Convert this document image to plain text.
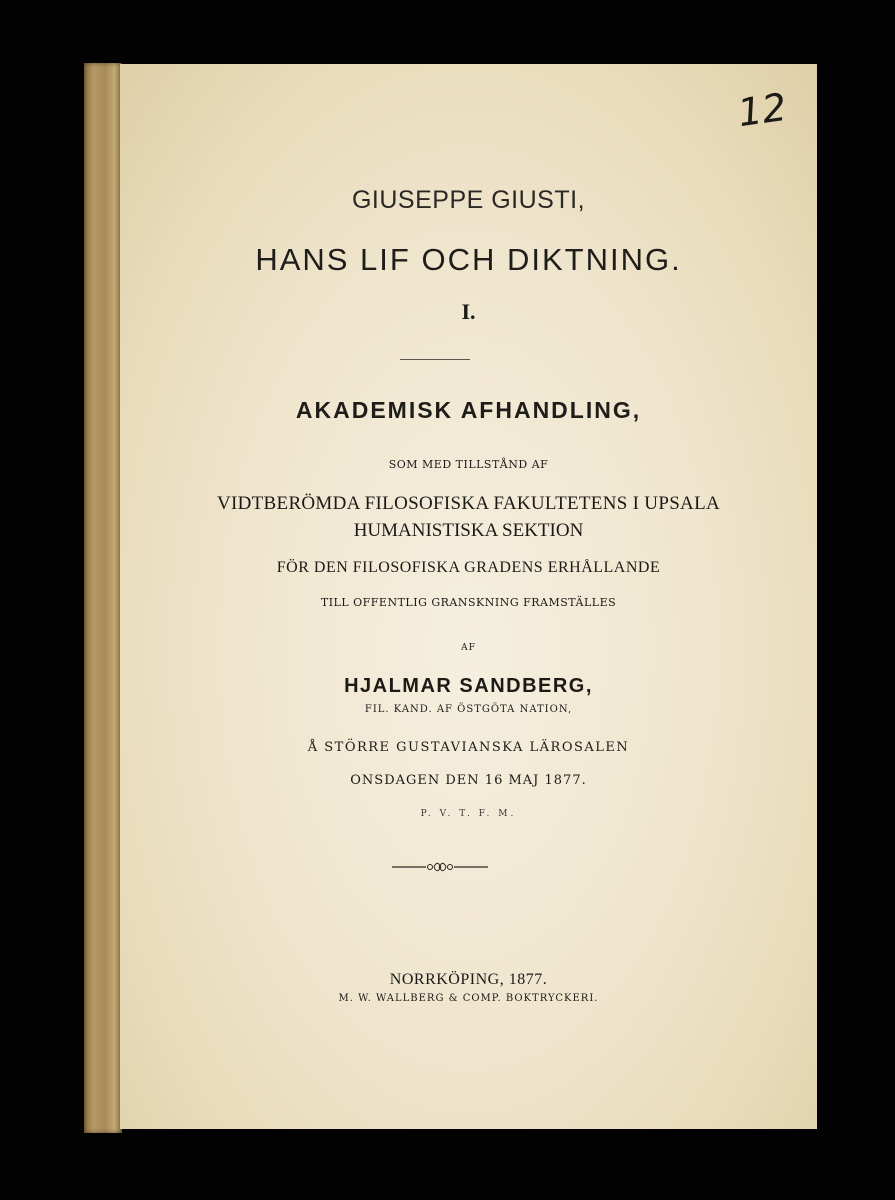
12
GIUSEPPE GIUSTI,
HANS LIF OCH DIKTNING.
I.
AKADEMISK AFHANDLING,
SOM MED TILLSTÅND AF
VIDTBERÖMDA FILOSOFISKA FAKULTETENS I UPSALA
HUMANISTISKA SEKTION
FÖR DEN FILOSOFISKA GRADENS ERHÅLLANDE
TILL OFFENTLIG GRANSKNING FRAMSTÄLLES
AF
HJALMAR SANDBERG,
FIL. KAND. AF ÖSTGÖTA NATION,
Å STÖRRE GUSTAVIANSKA LÄROSALEN
ONSDAGEN DEN 16 MAJ 1877.
P. V. T. F. M.
NORRKÖPING, 1877.
M. W. WALLBERG & COMP. BOKTRYCKERI.
